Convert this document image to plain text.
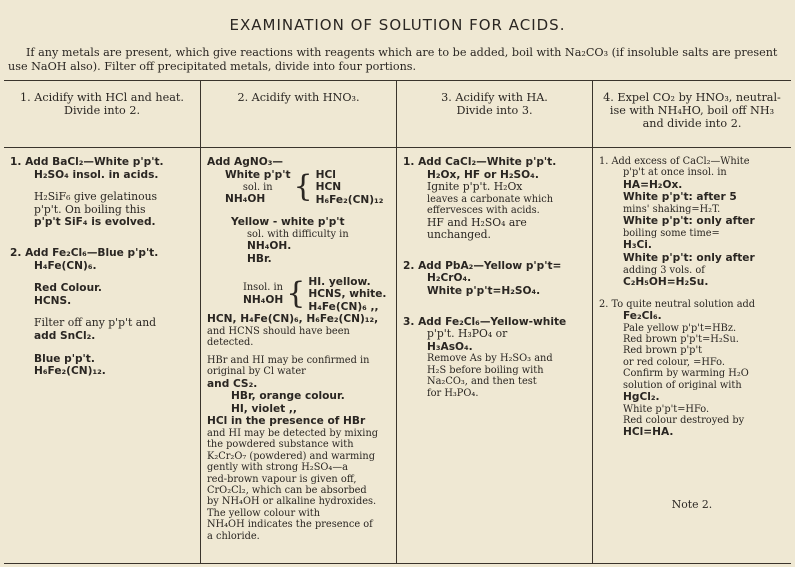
EXAMINATION OF SOLUTION FOR ACIDS.
If any metals are present, which give reactions with reagents which are to be added, boil with Na₂CO₃ (if insoluble salts are present use NaOH also). Filter off precipitated metals, divide into four portions.

1. Acidify with HCl and heat.

Divide into 2.

1. Add BaCl₂—White p'p't.

H₂SO₄ insol. in acids.

H₂SiF₆ give gelatinous

p'p't. On boiling this

p'p't SiF₄ is evolved.

2. Add Fe₂Cl₆—Blue p'p't.

H₄Fe(CN)₆.

Red Colour.

HCNS.

Filter off any p'p't and

add SnCl₂.

Blue p'p't.

H₆Fe₂(CN)₁₂.

2. Acidify with HNO₃.

Add AgNO₃—

White p'p't

sol. in

NH₄OH { HCl

HCN

H₆Fe₂(CN)₁₂

Yellow - white p'p't

sol. with difficulty in

NH₄OH.

HBr.

Insol. in

NH₄OH { HI. yellow.

HCNS, white.

H₄Fe(CN)₆ ,,

HCN, H₄Fe(CN)₆, H₆Fe₂(CN)₁₂,

and HCNS should have been detected.

HBr and HI may be confirmed in original by Cl water

and CS₂.

HBr, orange colour.

HI, violet ,,

HCl in the presence of HBr

and HI may be detected by mixing the powdered substance with

K₂Cr₂O₇ (powdered) and warming gently with strong H₂SO₄—a

red-brown vapour is given off,

CrO₂Cl₂, which can be absorbed

by NH₄OH or alkaline hydroxides. The yellow colour with

NH₄OH indicates the presence of

a chloride.

3. Acidify with HA.

Divide into 3.

1. Add CaCl₂—White p'p't.

H₂Ox, HF or H₂SO₄.

Ignite p'p't. H₂Ox

leaves a carbonate which

effervesces with acids.

HF and H₂SO₄ are unchanged.

2. Add PbA₂—Yellow p'p't=

H₂CrO₄.

White p'p't=H₂SO₄.

3. Add Fe₂Cl₆—Yellow-white

p'p't. H₃PO₄ or

H₃AsO₄.

Remove As by H₂SO₃ and

H₂S before boiling with

Na₂CO₃, and then test

for H₃PO₄.

4. Expel CO₂ by HNO₃, neutral-

ise with NH₄HO, boil off NH₃

and divide into 2.

1. Add excess of CaCl₂—White

p'p't at once insol. in

HA=H₂Ox.

White p'p't: after 5

mins' shaking=H₂T.

White p'p't: only after

boiling some time=

H₃Ci.

White p'p't: only after

adding 3 vols. of

C₂H₅OH=H₂Su.

2. To quite neutral solution add

Fe₂Cl₆.

Pale yellow p'p't=HBz.

Red brown p'p't=H₂Su.

Red brown p'p't

or red colour, =HFo.

Confirm by warming H₂O

solution of original with

HgCl₂.

White p'p't=HFo.

Red colour destroyed by

HCl=HA.

Note 2.
